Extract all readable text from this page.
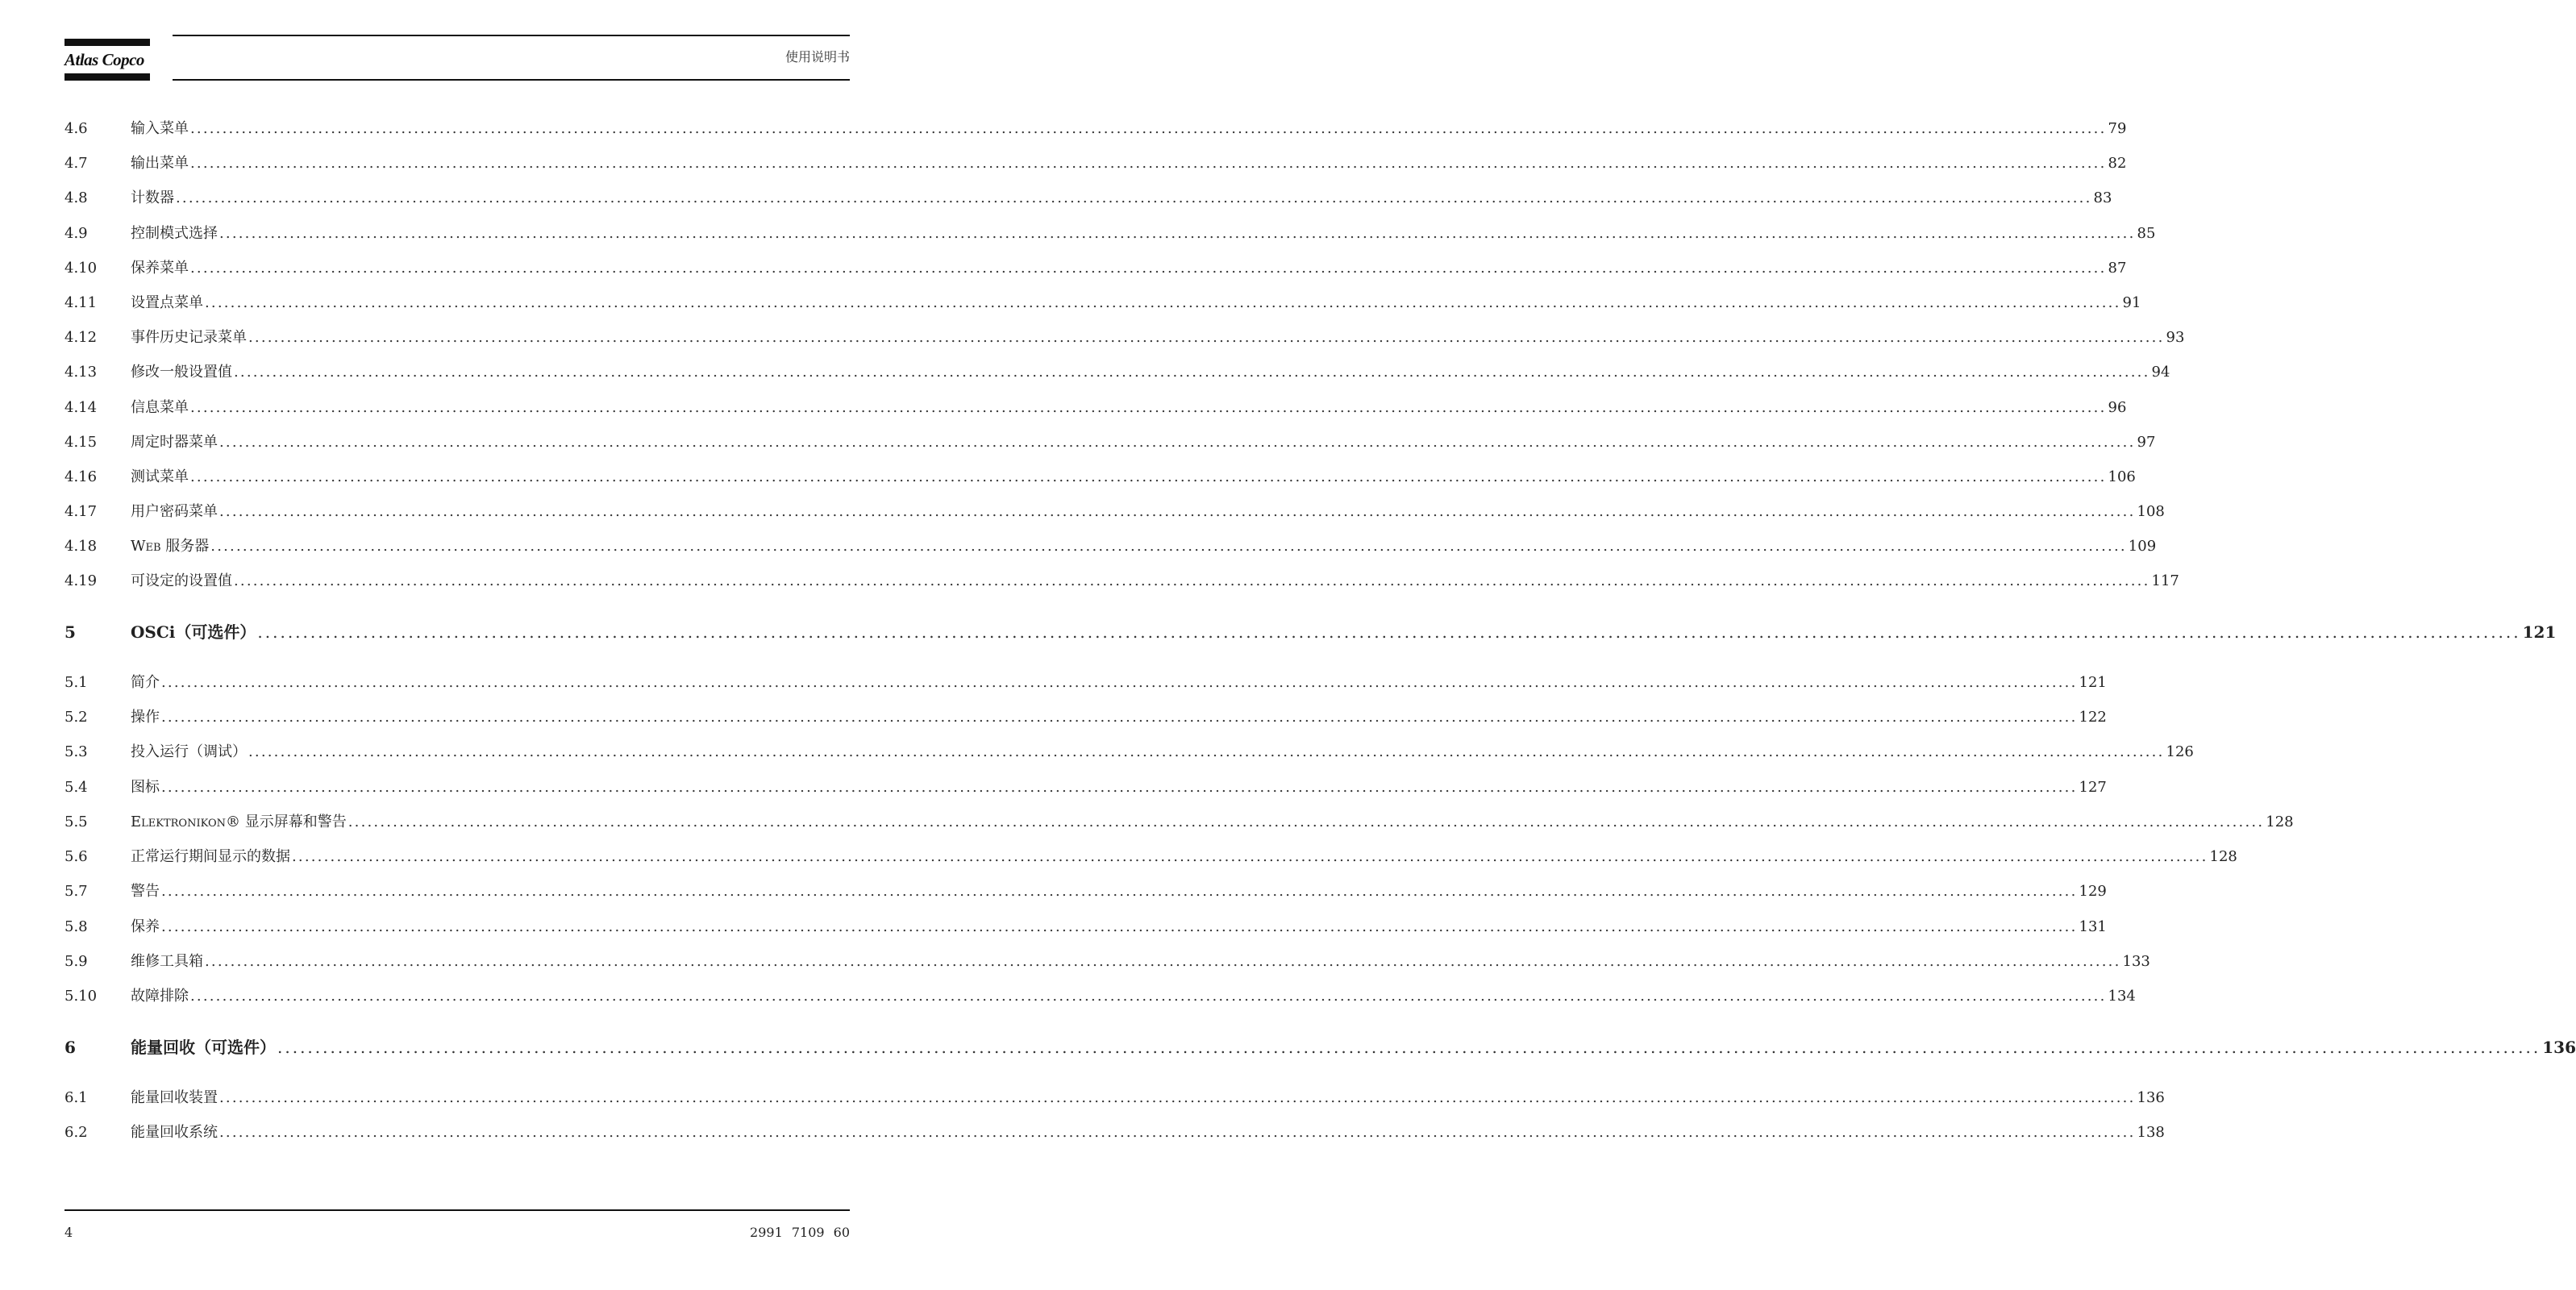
Atlas Copco	使用说明书
4.6	输入菜单 ............................................................................................................................................................................................................................................................................................................ 79
4.7	输出菜单 ............................................................................................................................................................................................................................................................................................................ 82
4.8	计数器 ............................................................................................................................................................................................................................................................................................................ 83
4.9	控制模式选择 ............................................................................................................................................................................................................................................................................................................ 85
4.10	保养菜单 ............................................................................................................................................................................................................................................................................................................ 87
4.11	设置点菜单 ............................................................................................................................................................................................................................................................................................................ 91
4.12	事件历史记录菜单 ............................................................................................................................................................................................................................................................................................................ 93
4.13	修改一般设置值 ............................................................................................................................................................................................................................................................................................................ 94
4.14	信息菜单 ............................................................................................................................................................................................................................................................................................................ 96
4.15	周定时器菜单 ............................................................................................................................................................................................................................................................................................................ 97
4.16	测试菜单 ............................................................................................................................................................................................................................................................................................................ 106
4.17	用户密码菜单 ............................................................................................................................................................................................................................................................................................................ 108
4.18	Web 服务器 ............................................................................................................................................................................................................................................................................................................ 109
4.19	可设定的设置值 ............................................................................................................................................................................................................................................................................................................ 117
5	OSCi（可选件） ............................................................................................................................................................................................................................................................................................................ 121
5.1	简介 ............................................................................................................................................................................................................................................................................................................ 121
5.2	操作 ............................................................................................................................................................................................................................................................................................................ 122
5.3	投入运行（调试） ............................................................................................................................................................................................................................................................................................................ 126
5.4	图标 ............................................................................................................................................................................................................................................................................................................ 127
5.5	Elektronikon® 显示屏幕和警告 ............................................................................................................................................................................................................................................................................................................ 128
5.6	正常运行期间显示的数据 ............................................................................................................................................................................................................................................................................................................ 128
5.7	警告 ............................................................................................................................................................................................................................................................................................................ 129
5.8	保养 ............................................................................................................................................................................................................................................................................................................ 131
5.9	维修工具箱 ............................................................................................................................................................................................................................................................................................................ 133
5.10	故障排除 ............................................................................................................................................................................................................................................................................................................ 134
6	能量回收（可选件） ............................................................................................................................................................................................................................................................................................................ 136
6.1	能量回收装置 ............................................................................................................................................................................................................................................................................................................ 136
6.2	能量回收系统 ............................................................................................................................................................................................................................................................................................................ 138
4	2991 7109 60
